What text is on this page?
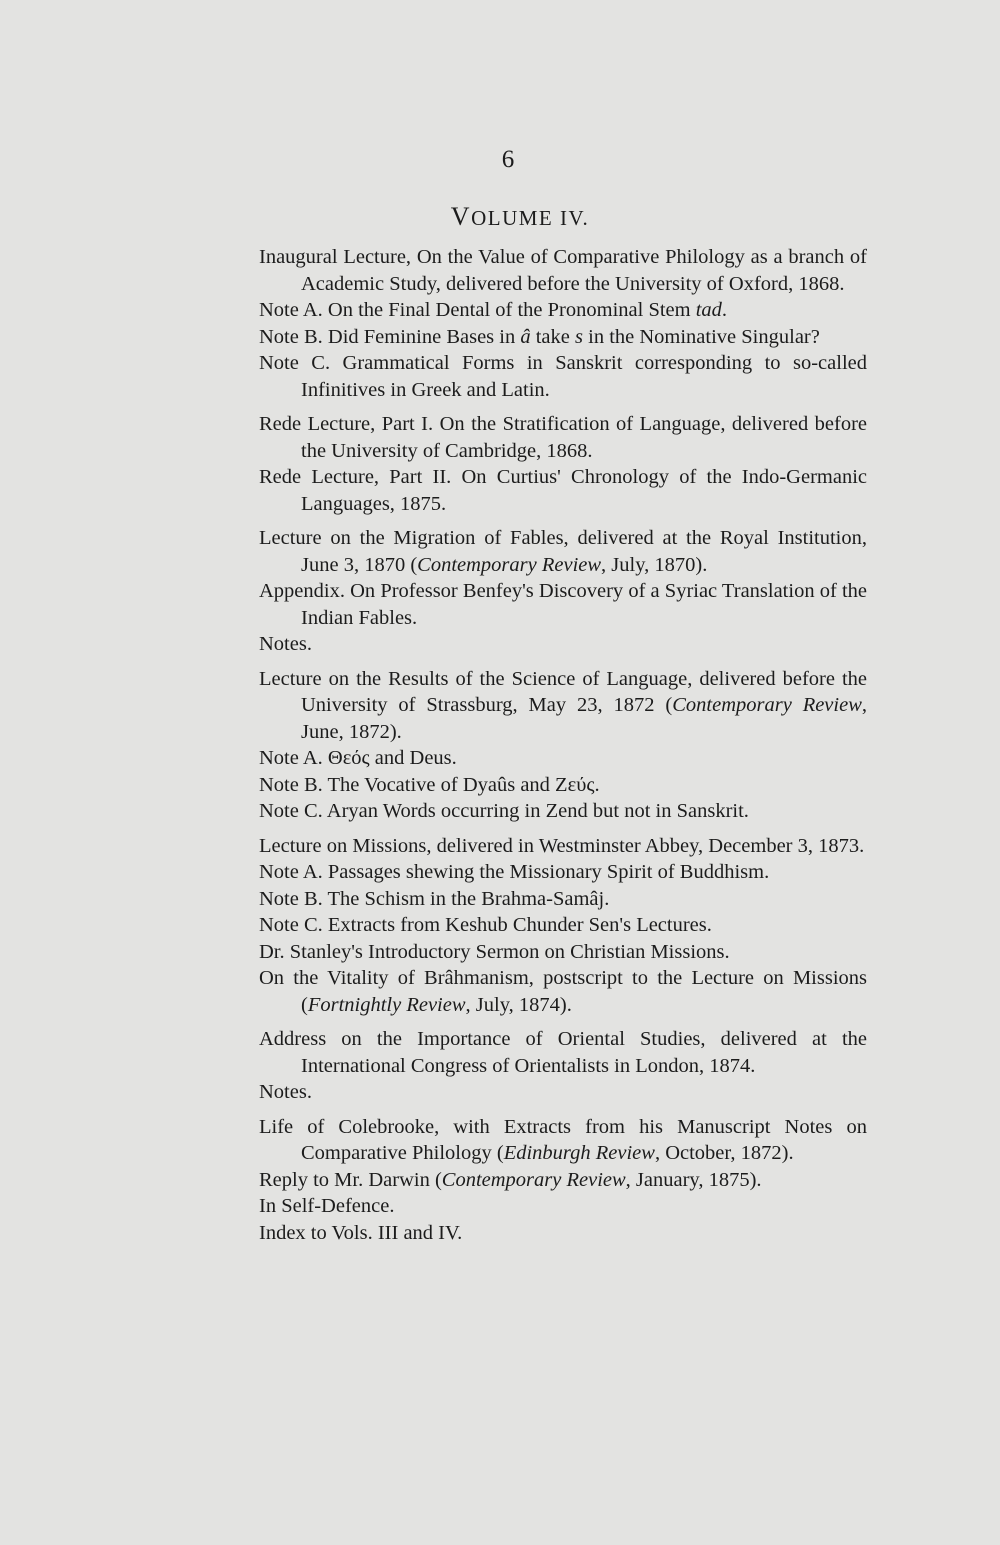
6
VOLUME IV.
Inaugural Lecture, On the Value of Comparative Philology as a branch of Academic Study, delivered before the University of Oxford, 1868.
Note A. On the Final Dental of the Pronominal Stem tad.
Note B. Did Feminine Bases in â take s in the Nominative Singular?
Note C. Grammatical Forms in Sanskrit corresponding to so-called Infinitives in Greek and Latin.
Rede Lecture, Part I. On the Stratification of Language, delivered before the University of Cambridge, 1868.
Rede Lecture, Part II. On Curtius' Chronology of the Indo-Germanic Languages, 1875.
Lecture on the Migration of Fables, delivered at the Royal Institution, June 3, 1870 (Contemporary Review, July, 1870).
Appendix. On Professor Benfey's Discovery of a Syriac Translation of the Indian Fables.
Notes.
Lecture on the Results of the Science of Language, delivered before the University of Strassburg, May 23, 1872 (Contemporary Review, June, 1872).
Note A. Θεός and Deus.
Note B. The Vocative of Dyaûs and Ζεύς.
Note C. Aryan Words occurring in Zend but not in Sanskrit.
Lecture on Missions, delivered in Westminster Abbey, December 3, 1873.
Note A. Passages shewing the Missionary Spirit of Buddhism.
Note B. The Schism in the Brahma-Samâj.
Note C. Extracts from Keshub Chunder Sen's Lectures.
Dr. Stanley's Introductory Sermon on Christian Missions.
On the Vitality of Brâhmanism, postscript to the Lecture on Missions (Fortnightly Review, July, 1874).
Address on the Importance of Oriental Studies, delivered at the International Congress of Orientalists in London, 1874.
Notes.
Life of Colebrooke, with Extracts from his Manuscript Notes on Comparative Philology (Edinburgh Review, October, 1872).
Reply to Mr. Darwin (Contemporary Review, January, 1875).
In Self-Defence.
Index to Vols. III and IV.
